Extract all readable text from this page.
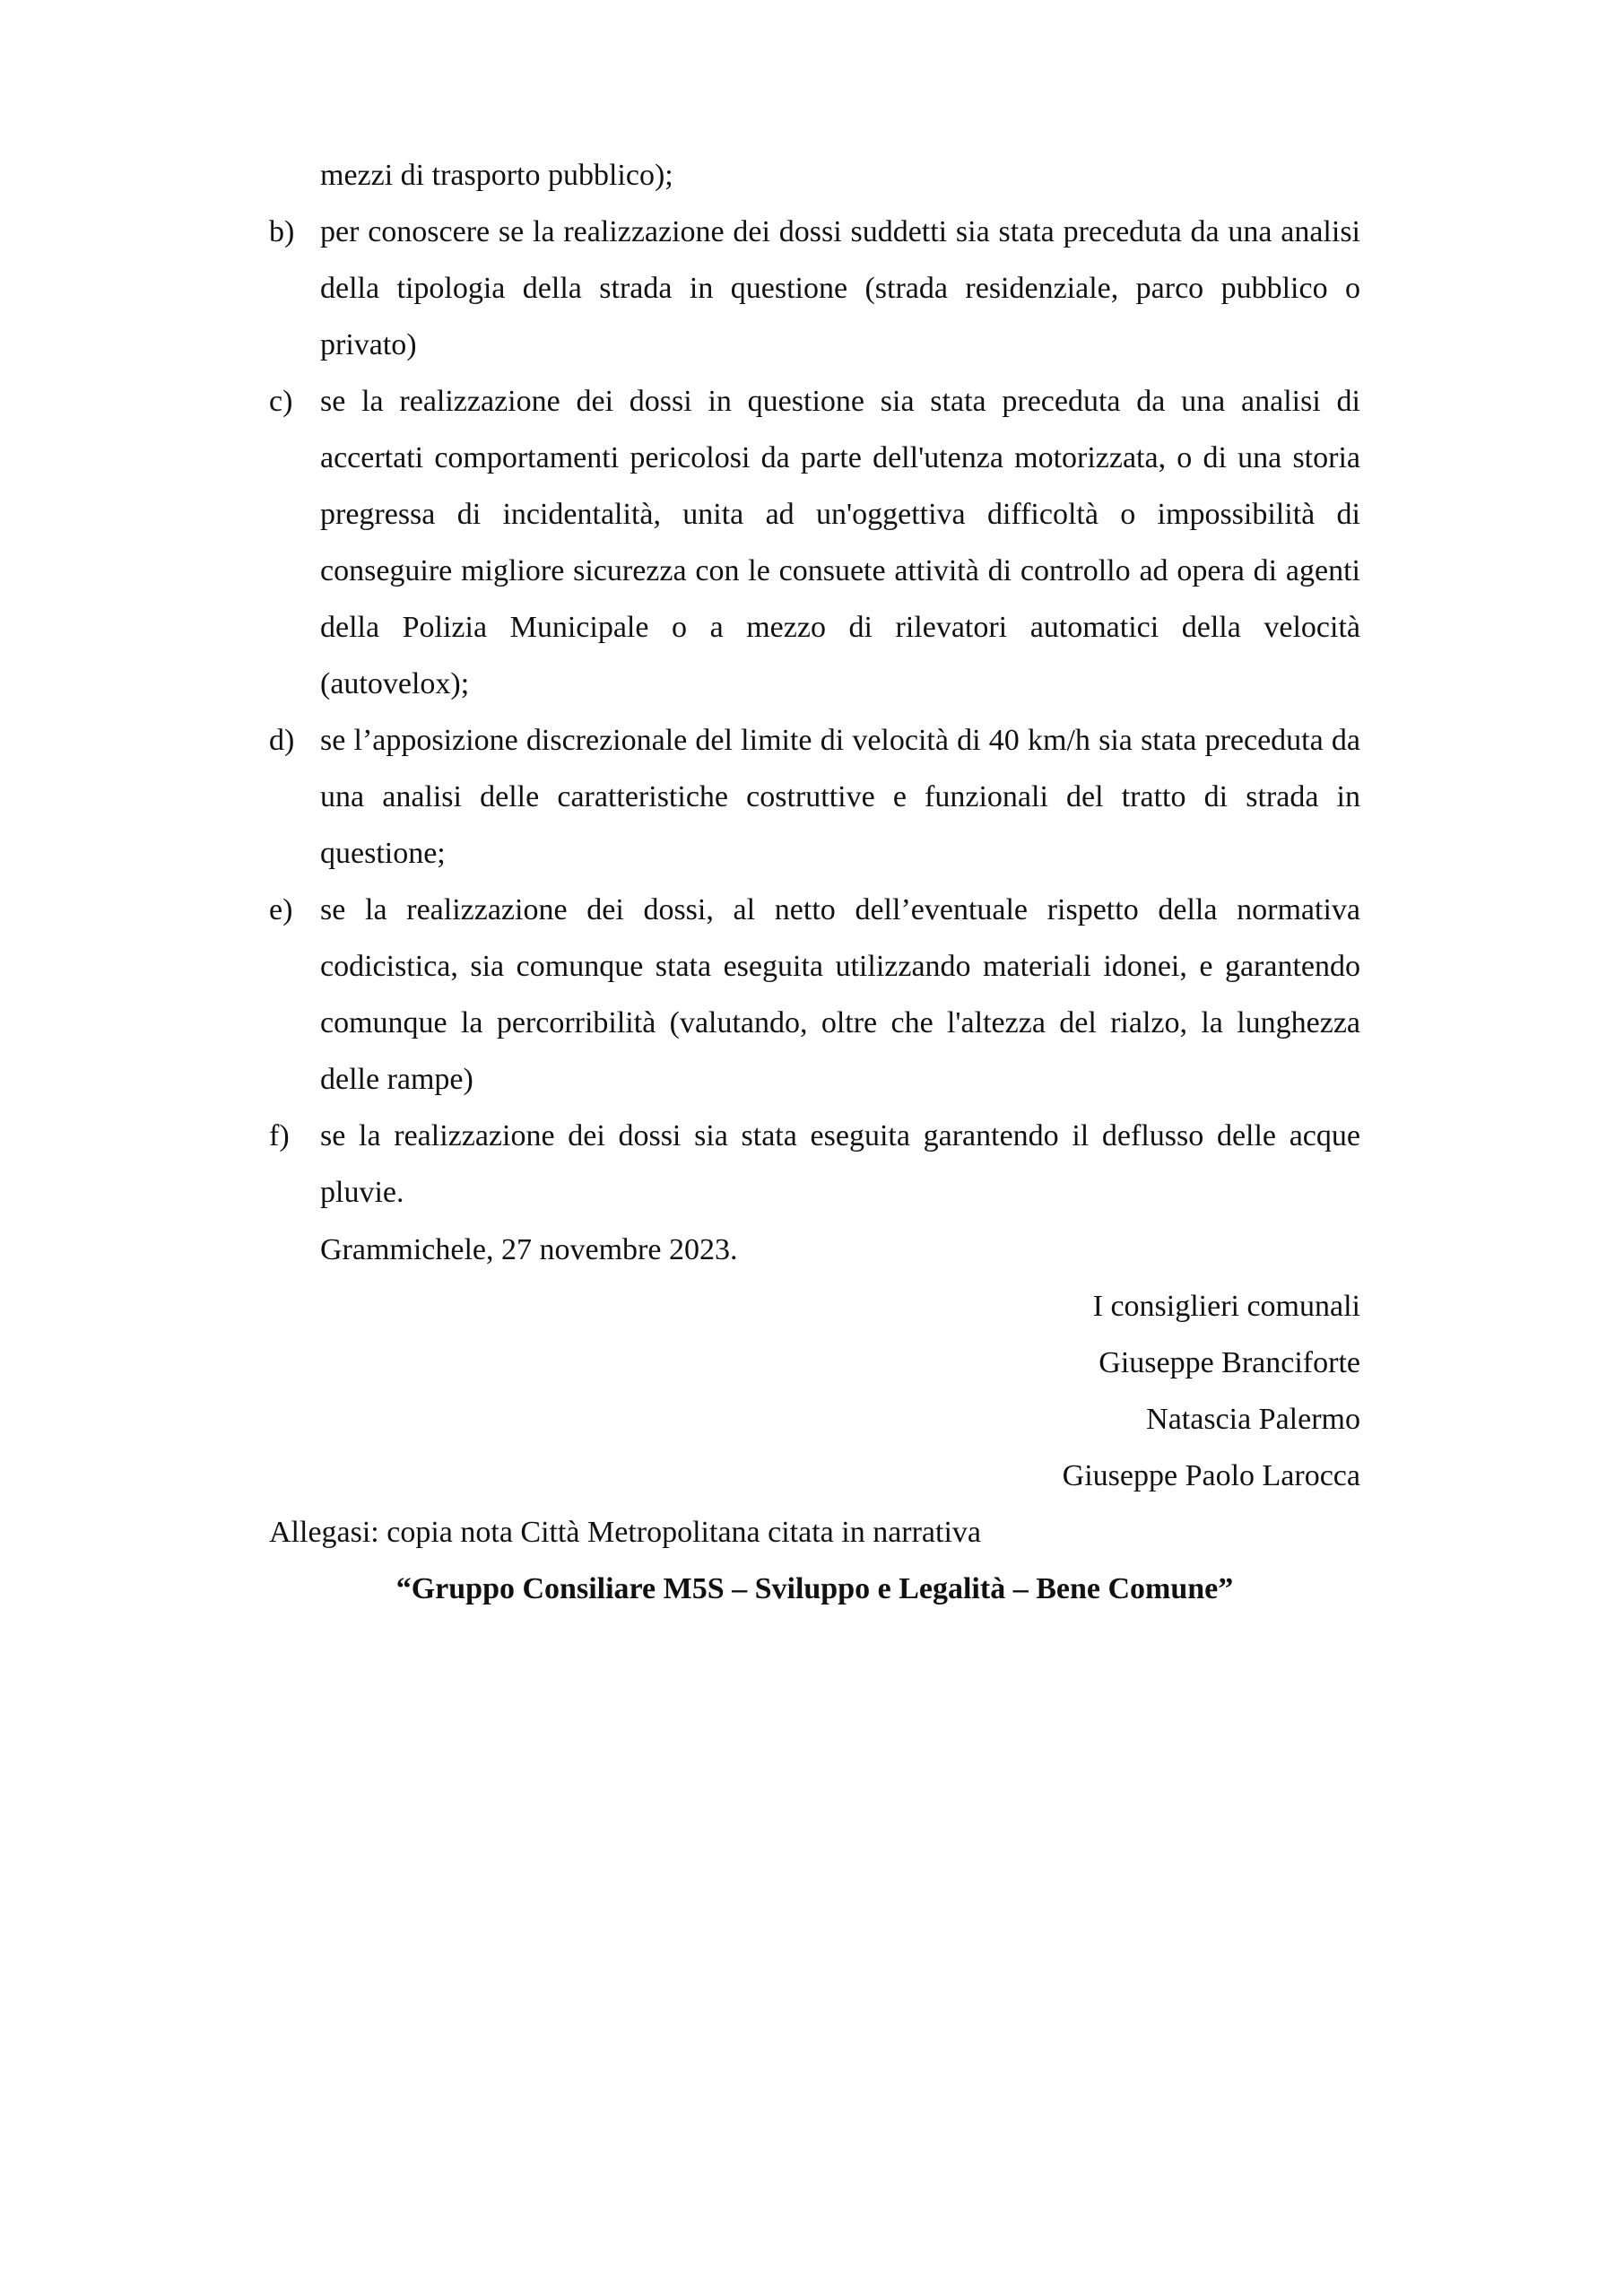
mezzi di trasporto pubblico);
b) per conoscere se la realizzazione dei dossi suddetti sia stata preceduta da una analisi della tipologia della strada in questione (strada residenziale, parco pubblico o privato)
c) se la realizzazione dei dossi in questione sia stata preceduta da una analisi di accertati comportamenti pericolosi da parte dell'utenza motorizzata, o di una storia pregressa di incidentalità, unita ad un'oggettiva difficoltà o impossibilità di conseguire migliore sicurezza con le consuete attività di controllo ad opera di agenti della Polizia Municipale o a mezzo di rilevatori automatici della velocità (autovelox);
d) se l’apposizione discrezionale del limite di velocità di 40 km/h sia stata preceduta da una analisi delle caratteristiche costruttive e funzionali del tratto di strada in questione;
e) se la realizzazione dei dossi, al netto dell’eventuale rispetto della normativa codicistica, sia comunque stata eseguita utilizzando materiali idonei, e garantendo comunque la percorribilità (valutando, oltre che l'altezza del rialzo, la lunghezza delle rampe)
f)	se la realizzazione dei dossi sia stata eseguita garantendo il deflusso delle acque pluvie.
Grammichele, 27 novembre 2023.
I consiglieri comunali
Giuseppe Branciforte
Natascia Palermo
Giuseppe Paolo Larocca
Allegasi: copia nota Città Metropolitana citata in narrativa
“Gruppo Consiliare M5S – Sviluppo e Legalità – Bene Comune”
